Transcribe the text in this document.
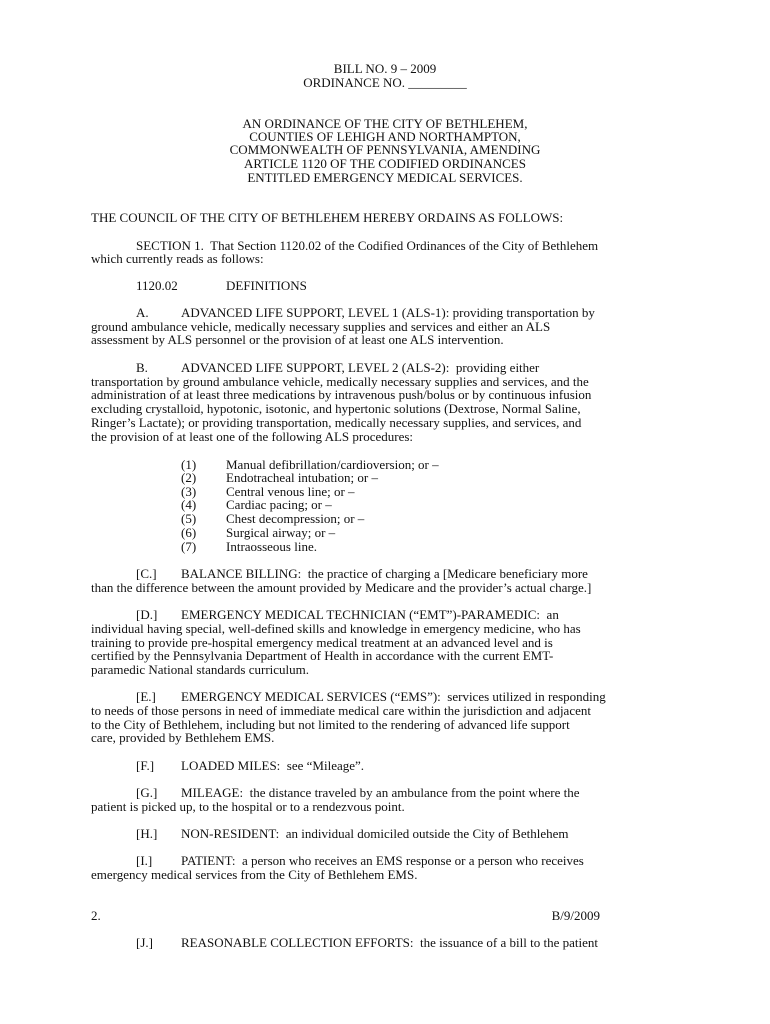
BILL NO. 9 – 2009
ORDINANCE NO. _________
AN ORDINANCE OF THE CITY OF BETHLEHEM,
COUNTIES OF LEHIGH AND NORTHAMPTON,
COMMONWEALTH OF PENNSYLVANIA, AMENDING
ARTICLE 1120 OF THE CODIFIED ORDINANCES
ENTITLED EMERGENCY MEDICAL SERVICES.
THE COUNCIL OF THE CITY OF BETHLEHEM HEREBY ORDAINS AS FOLLOWS:
SECTION 1.  That Section 1120.02 of the Codified Ordinances of the City of Bethlehem
which currently reads as follows:
1120.02	DEFINITIONS
A. ADVANCED LIFE SUPPORT, LEVEL 1 (ALS-1): providing transportation by
ground ambulance vehicle, medically necessary supplies and services and either an ALS
assessment by ALS personnel or the provision of at least one ALS intervention.
B.	ADVANCED LIFE SUPPORT, LEVEL 2 (ALS-2):  providing either
transportation by ground ambulance vehicle, medically necessary supplies and services, and the
administration of at least three medications by intravenous push/bolus or by continuous infusion
excluding crystalloid, hypotonic, isotonic, and hypertonic solutions (Dextrose, Normal Saline,
Ringer’s Lactate); or providing transportation, medically necessary supplies, and services, and
the provision of at least one of the following ALS procedures:
(1) Manual defibrillation/cardioversion; or –
(2) Endotracheal intubation; or –
(3) Central venous line; or –
(4) Cardiac pacing; or –
(5) Chest decompression; or –
(6) Surgical airway; or –
(7) Intraosseous line.
[C.] BALANCE BILLING:  the practice of charging a [Medicare beneficiary more
than the difference between the amount provided by Medicare and the provider’s actual charge.]
[D.] EMERGENCY MEDICAL TECHNICIAN (“EMT”)-PARAMEDIC:  an
individual having special, well-defined skills and knowledge in emergency medicine, who has
training to provide pre-hospital emergency medical treatment at an advanced level and is
certified by the Pennsylvania Department of Health in accordance with the current EMT-
paramedic National standards curriculum.
[E.] EMERGENCY MEDICAL SERVICES (“EMS”):  services utilized in responding
to needs of those persons in need of immediate medical care within the jurisdiction and adjacent
to the City of Bethlehem, including but not limited to the rendering of advanced life support
care, provided by Bethlehem EMS.
[F.] LOADED MILES:  see “Mileage”.
[G.] MILEAGE:  the distance traveled by an ambulance from the point where the
patient is picked up, to the hospital or to a rendezvous point.
[H.] NON-RESIDENT:  an individual domiciled outside the City of Bethlehem
[I.] PATIENT:  a person who receives an EMS response or a person who receives
emergency medical services from the City of Bethlehem EMS.
2.	B/9/2009
[J.] REASONABLE COLLECTION EFFORTS:  the issuance of a bill to the patient
